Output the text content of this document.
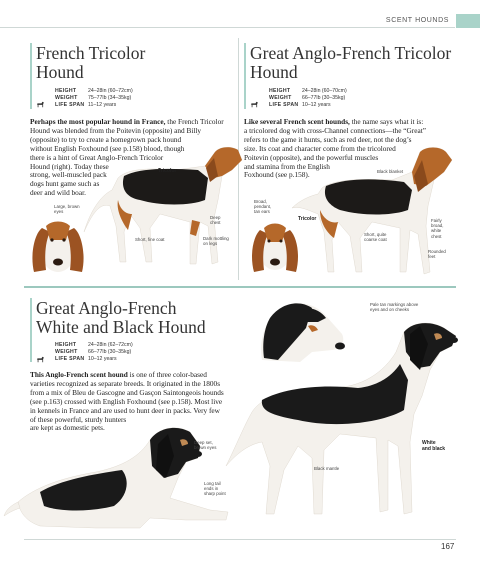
SCENT HOUNDS
French Tricolor
Hound
HEIGHT 24–28in (60–72cm)
WEIGHT 75–77lb (34–35kg)
LIFE SPAN 11–12 years
Perhaps the most popular hound in France, the French Tricolor
Hound was blended from the Poitevin (opposite) and Billy
(opposite) to try to create a homegrown pack hound
without English Foxhound (see p.158) blood, though
there is a hint of Great Anglo-French Tricolor
Hound (right). Today these
strong, well-muscled pack
dogs hunt game such as
deer and wild boar.
Tricolor
Large, brown
eyes
Deep
chest
Short, fine coat	Dark mottling
on legs
Great Anglo-French Tricolor
Hound
HEIGHT 24–28in (60–70cm)
WEIGHT 66–77lb (30–35kg)
LIFE SPAN 10–12 years
Like several French scent hounds, the name says what it is:
a tricolored dog with cross-Channel connections—the “Great”
refers to the game it hunts, such as red deer, not the dog’s
size. Its coat and character come from the tricolored
Poitevin (opposite), and the powerful muscles
and stamina from the English
Foxhound (see p.158).	Black blanket
Broad,
pendant,
tan ears
Tricolor	Fairly
broad,
white
chest
Short, quite
coarse coat
Rounded
feet
Great Anglo-French
White and Black Hound
HEIGHT 24–28in (62–72cm)
WEIGHT 66–77lb (30–35kg)
LIFE SPAN 10–12 years
This Anglo-French scent hound is one of three color-based
varieties recognized as separate breeds. It originated in the 1800s
from a mix of Bleu de Gascogne and Gasçon Saintongeois hounds
(see p.163) crossed with English Foxhound (see p.158). Most live
in kennels in France and are used to hunt deer in packs. Very few
of these powerful, sturdy hunters
are kept as domestic pets.
Pale tan markings above
eyes and on cheeks
Deep set,
brown eyes
White
and black
Black mantle
Long tail
ends in
sharp point
167
